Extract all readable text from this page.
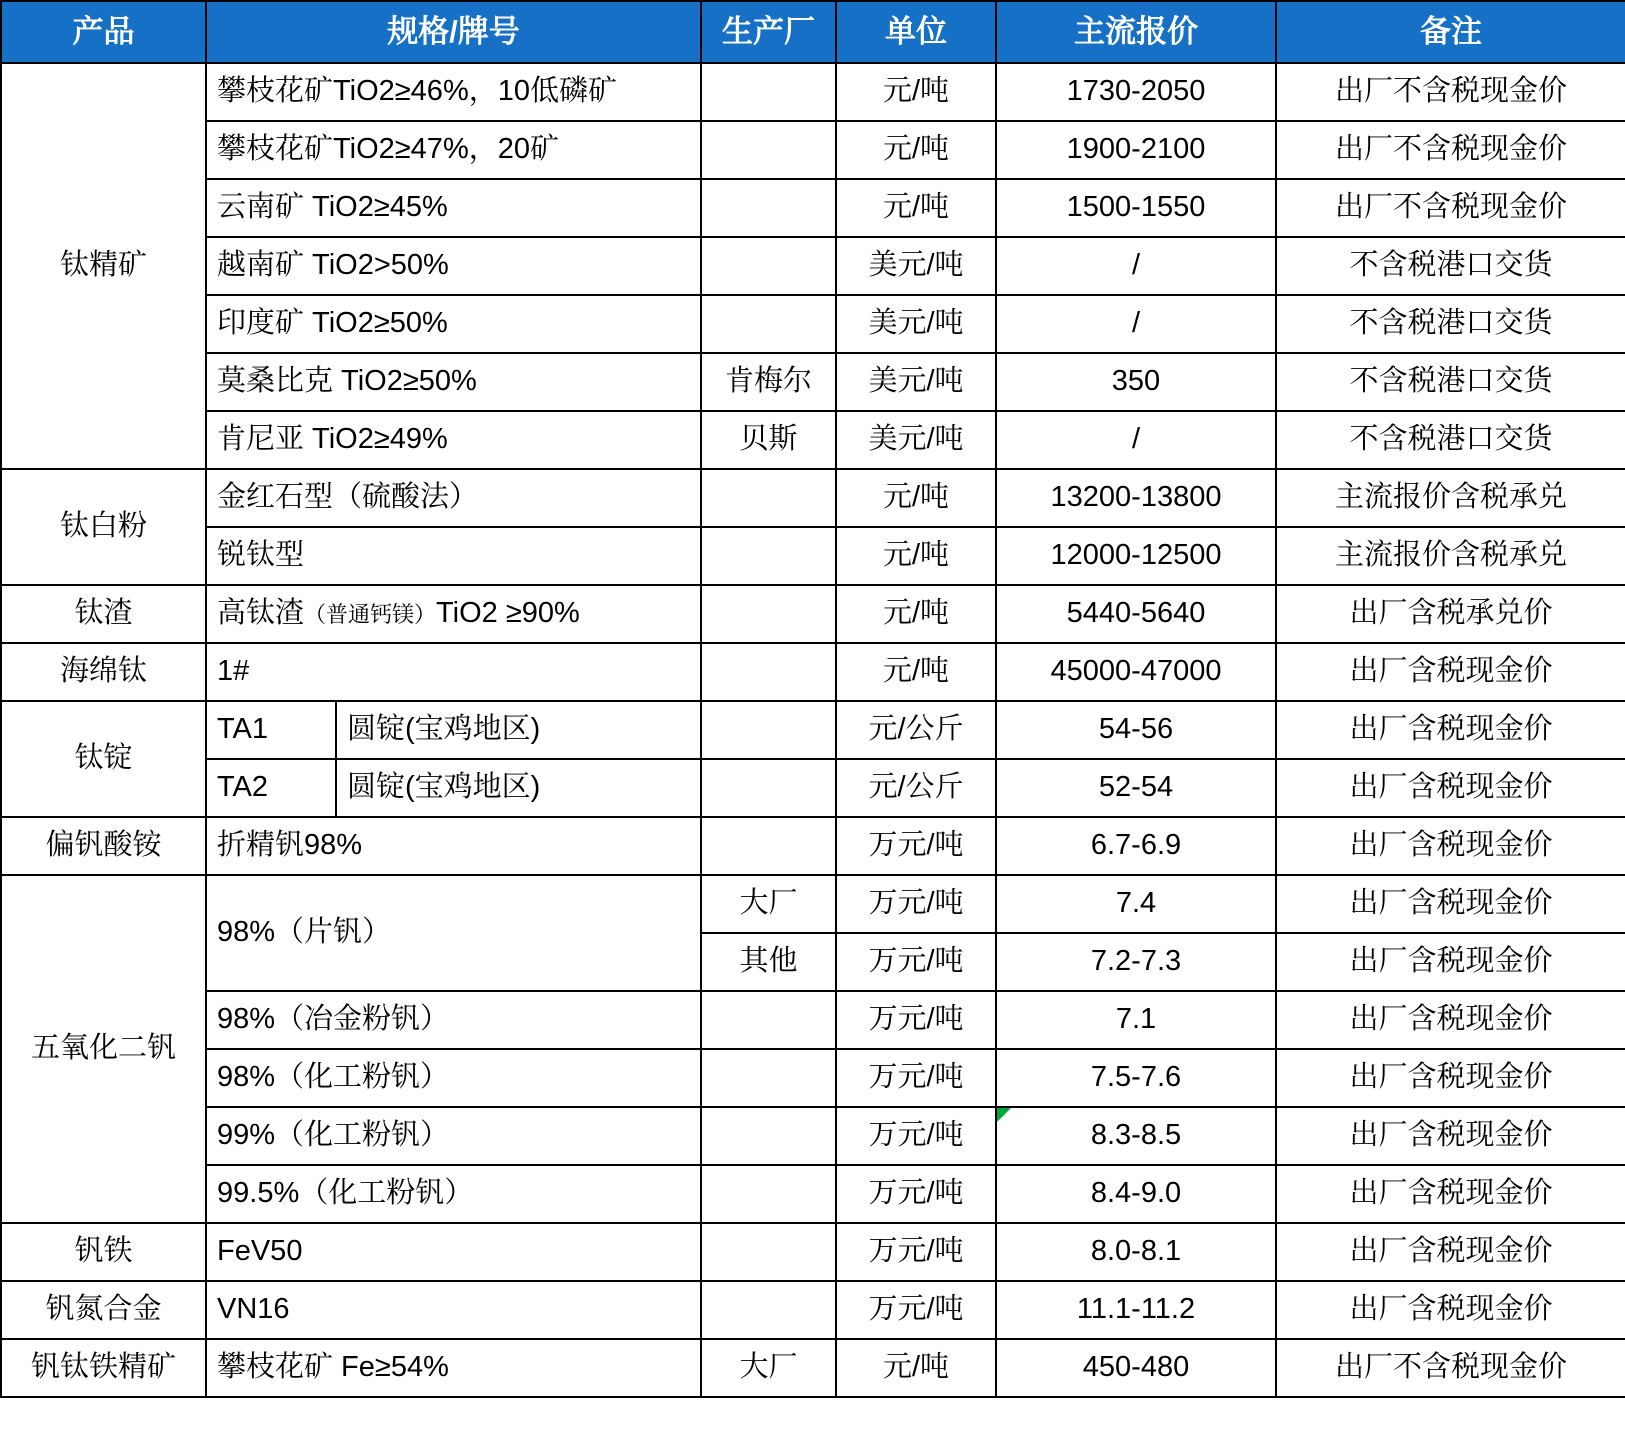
产品	规格/牌号		生产厂	单位	主流报价	备注
钛精矿	攀枝花矿TiO2≥46%，10低磷矿			元/吨	1730-2050	出厂不含税现金价
	攀枝花矿TiO2≥47%，20矿			元/吨	1900-2100	出厂不含税现金价
	云南矿 TiO2≥45%			元/吨	1500-1550	出厂不含税现金价
	越南矿 TiO2>50%			美元/吨	/	不含税港口交货
	印度矿 TiO2≥50%			美元/吨	/	不含税港口交货
	莫桑比克 TiO2≥50%		肯梅尔	美元/吨	350	不含税港口交货
	肯尼亚 TiO2≥49%		贝斯	美元/吨	/	不含税港口交货
钛白粉	金红石型（硫酸法）			元/吨	13200-13800	主流报价含税承兑
	锐钛型			元/吨	12000-12500	主流报价含税承兑
钛渣	高钛渣（普通钙镁）TiO2 ≥90%			元/吨	5440-5640	出厂含税承兑价
海绵钛	1#			元/吨	45000-47000	出厂含税现金价
钛锭	TA1	圆锭(宝鸡地区)		元/公斤	54-56	出厂含税现金价
	TA2	圆锭(宝鸡地区)		元/公斤	52-54	出厂含税现金价
偏钒酸铵	折精钒98%			万元/吨	6.7-6.9	出厂含税现金价
五氧化二钒	98%（片钒）		大厂	万元/吨	7.4	出厂含税现金价
			其他	万元/吨	7.2-7.3	出厂含税现金价
	98%（冶金粉钒）			万元/吨	7.1	出厂含税现金价
	98%（化工粉钒）			万元/吨	7.5-7.6	出厂含税现金价
	99%（化工粉钒）			万元/吨	8.3-8.5	出厂含税现金价
	99.5%（化工粉钒）			万元/吨	8.4-9.0	出厂含税现金价
钒铁	FeV50			万元/吨	8.0-8.1	出厂含税现金价
钒氮合金	VN16			万元/吨	11.1-11.2	出厂含税现金价
钒钛铁精矿	攀枝花矿 Fe≥54%		大厂	元/吨	450-480	出厂不含税现金价
